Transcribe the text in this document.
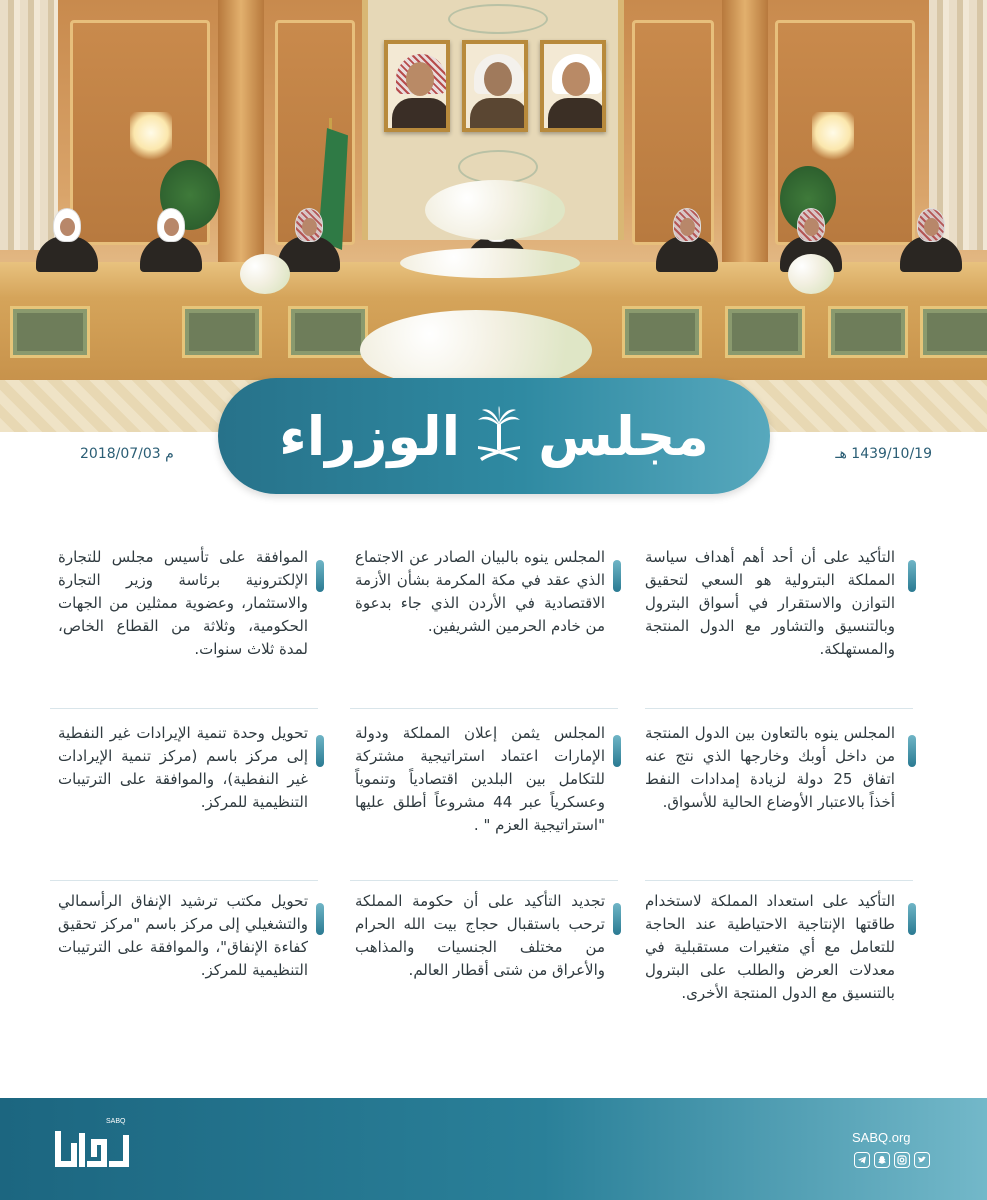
مجلس
الوزراء	1439/10/19 هـ
2018/07/03 م
التأكيد على أن أحد أهم أهداف سياسة المملكة البترولية هو السعي لتحقيق التوازن والاستقرار في أسواق البترول وبالتنسيق والتشاور مع الدول المنتجة والمستهلكة.
المجلس ينوه بالتعاون بين الدول المنتجة من داخل أوبك وخارجها الذي نتج عنه اتفاق 25 دولة لزيادة إمدادات النفط أخذاً بالاعتبار الأوضاع الحالية للأسواق.
التأكيد على استعداد المملكة لاستخدام طاقتها الإنتاجية الاحتياطية عند الحاجة للتعامل مع أي متغيرات مستقبلية في معدلات العرض والطلب على البترول بالتنسيق مع الدول المنتجة الأخرى.
المجلس ينوه بالبيان الصادر عن الاجتماع الذي عقد في مكة المكرمة بشأن الأزمة الاقتصادية في الأردن الذي جاء بدعوة من خادم الحرمين الشريفين.
المجلس يثمن إعلان المملكة ودولة الإمارات اعتماد استراتيجية مشتركة للتكامل بين البلدين اقتصادياً وتنموياً وعسكرياً عبر 44 مشروعاً أطلق عليها "استراتيجية العزم " .
تجديد التأكيد على أن حكومة المملكة ترحب باستقبال حجاج بيت الله الحرام من مختلف الجنسيات والمذاهب والأعراق من شتى أقطار العالم.
الموافقة على تأسيس مجلس للتجارة الإلكترونية برئاسة وزير التجارة والاستثمار، وعضوية ممثلين من الجهات الحكومية، وثلاثة من القطاع الخاص، لمدة ثلاث سنوات.
تحويل وحدة تنمية الإيرادات غير النفطية إلى مركز باسم (مركز تنمية الإيرادات غير النفطية)، والموافقة على الترتيبات التنظيمية للمركز.
تحويل مكتب ترشيد الإنفاق الرأسمالي والتشغيلي إلى مركز باسم "مركز تحقيق كفاءة الإنفاق"، والموافقة على الترتيبات التنظيمية للمركز.
SABQ
SABQ.org
